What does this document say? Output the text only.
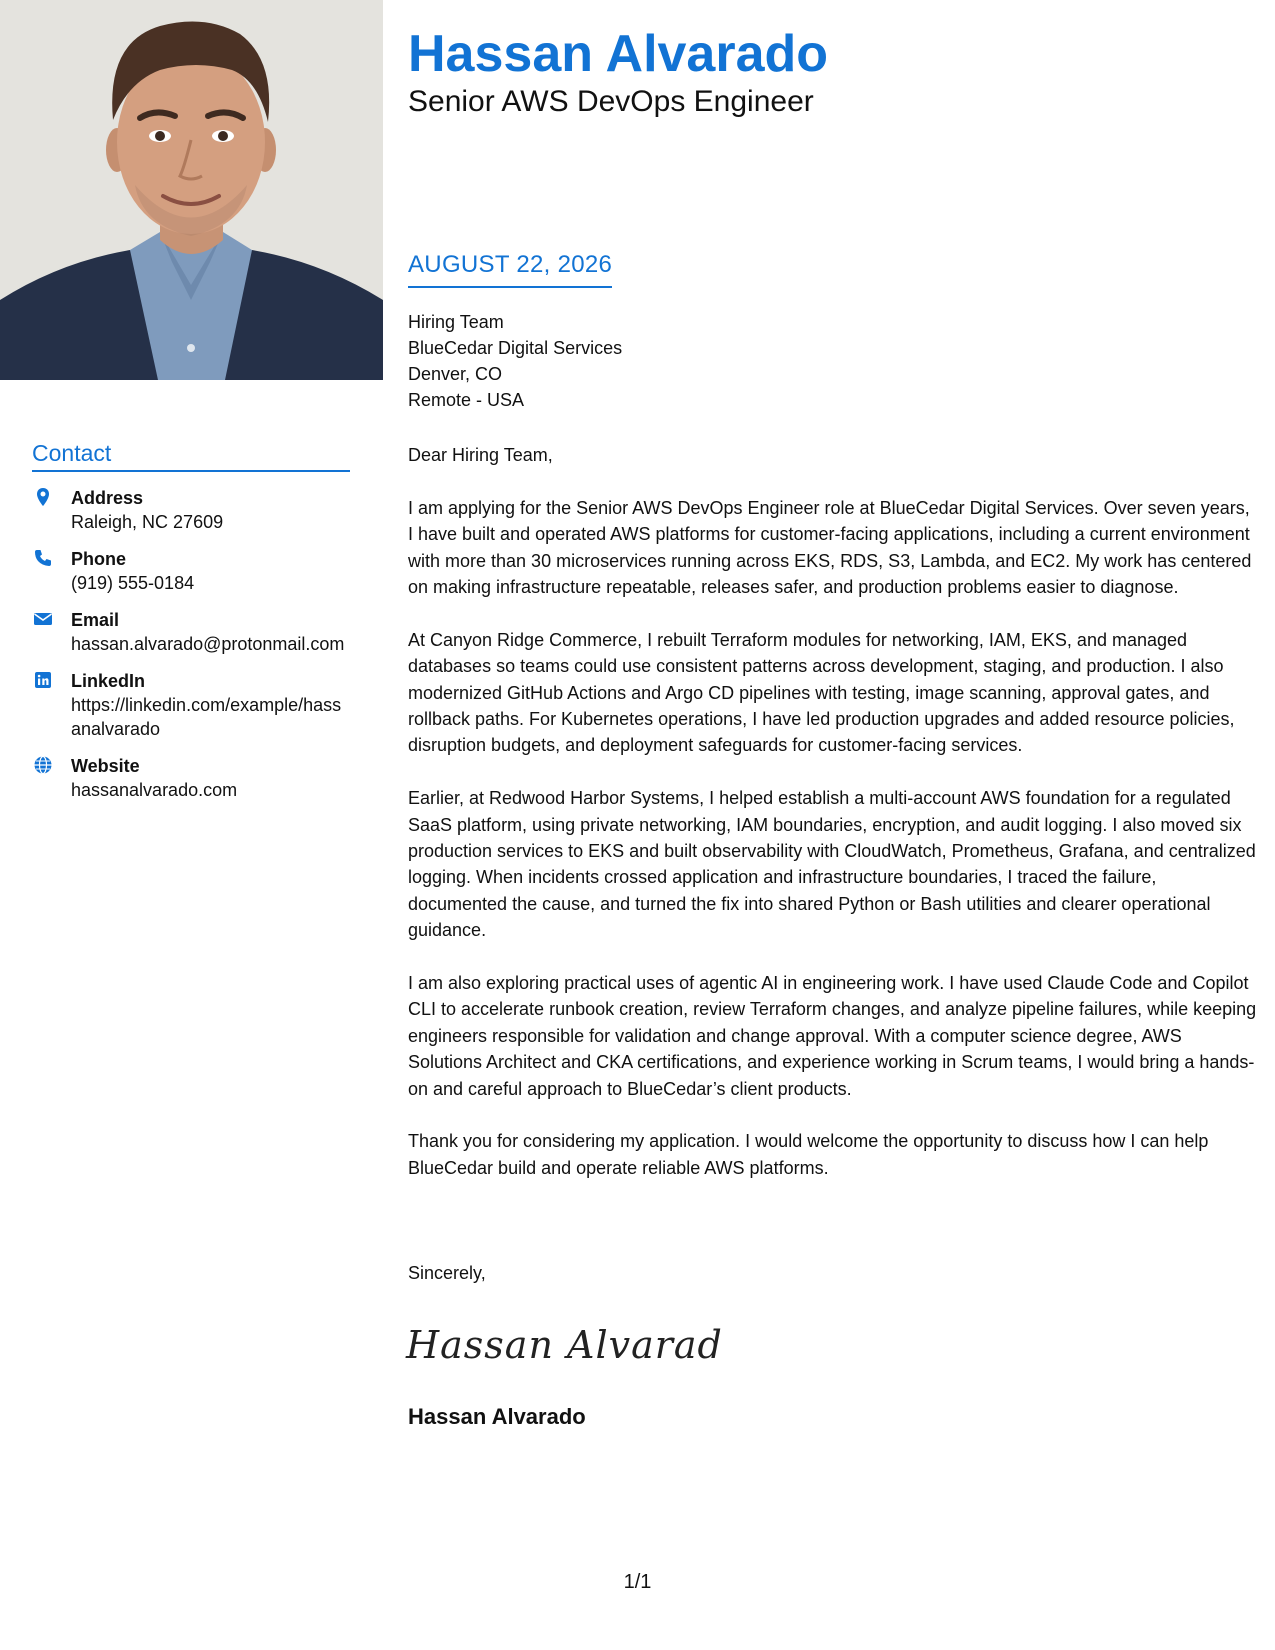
Hassan Alvarado
Senior AWS DevOps Engineer
AUGUST 22, 2026
Hiring Team
BlueCedar Digital Services
Denver, CO
Remote - USA

Dear Hiring Team,

I am applying for the Senior AWS DevOps Engineer role at BlueCedar Digital Services. Over seven years, I have built and operated AWS platforms for customer-facing applications, including a current environment with more than 30 microservices running across EKS, RDS, S3, Lambda, and EC2. My work has centered on making infrastructure repeatable, releases safer, and production problems easier to diagnose.

At Canyon Ridge Commerce, I rebuilt Terraform modules for networking, IAM, EKS, and managed databases so teams could use consistent patterns across development, staging, and production. I also modernized GitHub Actions and Argo CD pipelines with testing, image scanning, approval gates, and rollback paths. For Kubernetes operations, I have led production upgrades and added resource policies, disruption budgets, and deployment safeguards for customer-facing services.

Earlier, at Redwood Harbor Systems, I helped establish a multi-account AWS foundation for a regulated SaaS platform, using private networking, IAM boundaries, encryption, and audit logging. I also moved six production services to EKS and built observability with CloudWatch, Prometheus, Grafana, and centralized logging. When incidents crossed application and infrastructure boundaries, I traced the failure, documented the cause, and turned the fix into shared Python or Bash utilities and clearer operational guidance.

I am also exploring practical uses of agentic AI in engineering work. I have used Claude Code and Copilot CLI to accelerate runbook creation, review Terraform changes, and analyze pipeline failures, while keeping engineers responsible for validation and change approval. With a computer science degree, AWS Solutions Architect and CKA certifications, and experience working in Scrum teams, I would bring a hands-on and careful approach to BlueCedar’s client products.

Thank you for considering my application. I would welcome the opportunity to discuss how I can help BlueCedar build and operate reliable AWS platforms.

Sincerely,
Hassan Alvarad
Hassan Alvarado
Contact
Address
Raleigh, NC 27609
Phone
(919) 555-0184
Email
hassan.alvarado@protonmail.com
LinkedIn
https://linkedin.com/example/hassanalvarado
Website
hassanalvarado.com
1/1
